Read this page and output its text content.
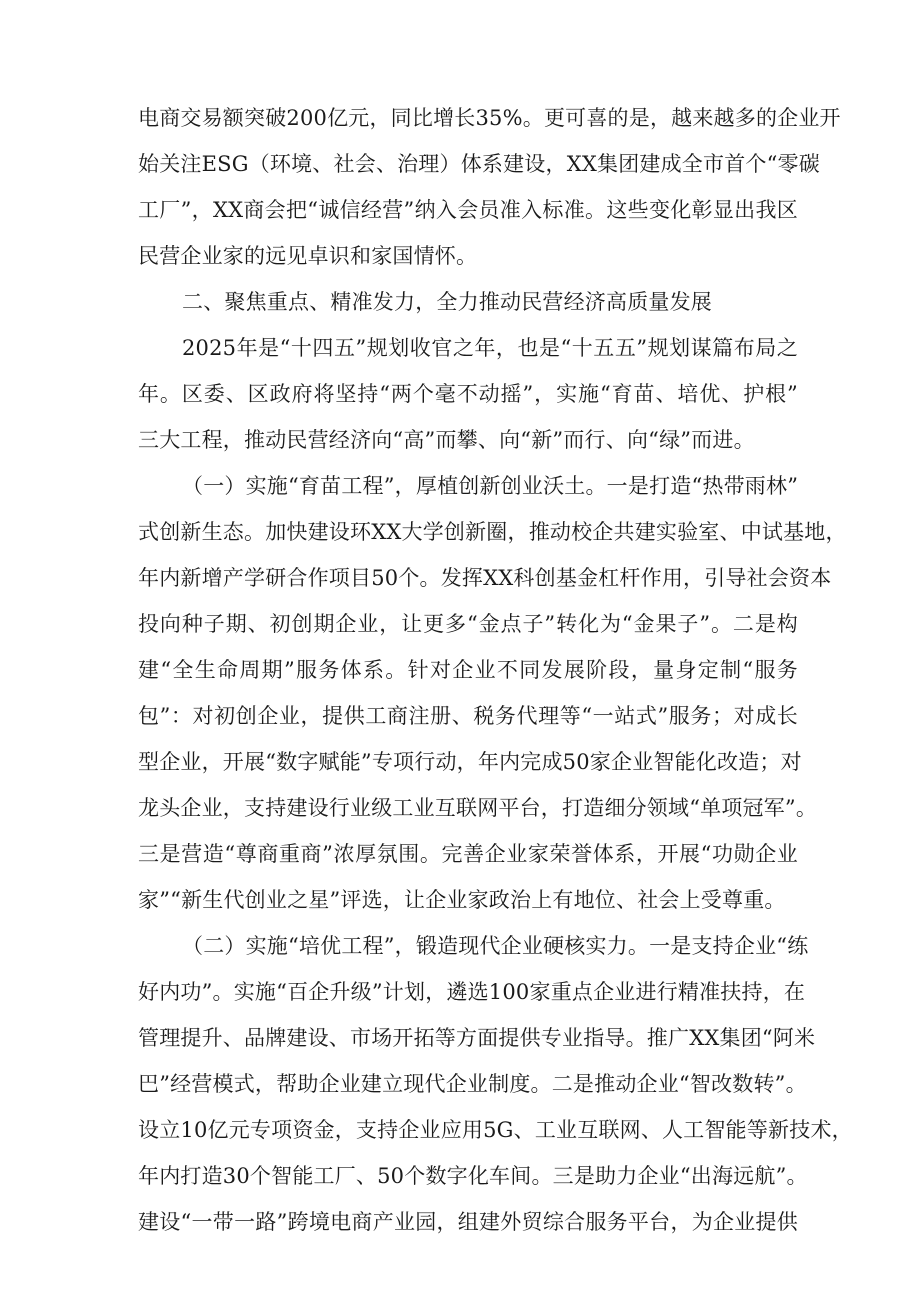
电商交易额突破200亿元，同比增长35%。更可喜的是，越来越多的企业开
始关注ESG（环境、社会、治理）体系建设，XX集团建成全市首个“零碳
工厂”，XX商会把“诚信经营”纳入会员准入标准。这些变化彰显出我区
民营企业家的远见卓识和家国情怀。
二、聚焦重点、精准发力，全力推动民营经济高质量发展
2025年是“十四五”规划收官之年，也是“十五五”规划谋篇布局之
年。区委、区政府将坚持“两个毫不动摇”，实施“育苗、培优、护根”
三大工程，推动民营经济向“高”而攀、向“新”而行、向“绿”而进。
（一）实施“育苗工程”，厚植创新创业沃土。一是打造“热带雨林”
式创新生态。加快建设环XX大学创新圈，推动校企共建实验室、中试基地，
年内新增产学研合作项目50个。发挥XX科创基金杠杆作用，引导社会资本
投向种子期、初创期企业，让更多“金点子”转化为“金果子”。二是构
建“全生命周期”服务体系。针对企业不同发展阶段，量身定制“服务
包”：对初创企业，提供工商注册、税务代理等“一站式”服务；对成长
型企业，开展“数字赋能”专项行动，年内完成50家企业智能化改造；对
龙头企业，支持建设行业级工业互联网平台，打造细分领域“单项冠军”。
三是营造“尊商重商”浓厚氛围。完善企业家荣誉体系，开展“功勋企业
家”“新生代创业之星”评选，让企业家政治上有地位、社会上受尊重。
（二）实施“培优工程”，锻造现代企业硬核实力。一是支持企业“练
好内功”。实施“百企升级”计划，遴选100家重点企业进行精准扶持，在
管理提升、品牌建设、市场开拓等方面提供专业指导。推广XX集团“阿米
巴”经营模式，帮助企业建立现代企业制度。二是推动企业“智改数转”。
设立10亿元专项资金，支持企业应用5G、工业互联网、人工智能等新技术，
年内打造30个智能工厂、50个数字化车间。三是助力企业“出海远航”。
建设“一带一路”跨境电商产业园，组建外贸综合服务平台，为企业提供
